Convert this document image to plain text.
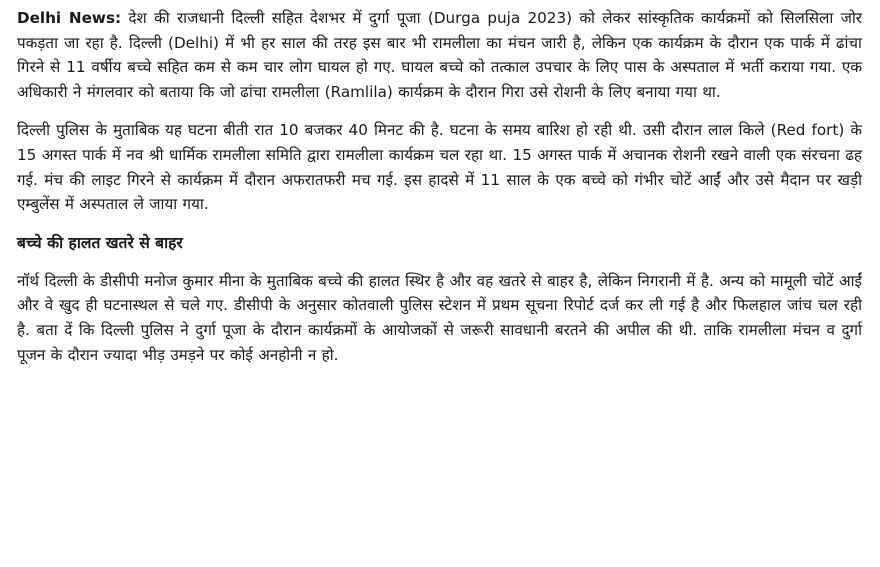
Delhi News: देश की राजधानी दिल्ली सहित देशभर में दुर्गा पूजा (Durga puja 2023) को लेकर सांस्कृतिक कार्यक्रमों को सिलसिला जोर पकड़ता जा रहा है. दिल्ली (Delhi) में भी हर साल की तरह इस बार भी रामलीला का मंचन जारी है, लेकिन एक कार्यक्रम के दौरान एक पार्क में ढांचा गिरने से 11 वर्षीय बच्चे सहित कम से कम चार लोग घायल हो गए. घायल बच्चे को तत्काल उपचार के लिए पास के अस्पताल में भर्ती कराया गया. एक अधिकारी ने मंगलवार को बताया कि जो ढांचा रामलीला (Ramlila) कार्यक्रम के दौरान गिरा उसे रोशनी के लिए बनाया गया था.

दिल्ली पुलिस के मुताबिक यह घटना बीती रात 10 बजकर 40 मिनट की है. घटना के समय बारिश हो रही थी. उसी दौरान लाल किले (Red fort) के 15 अगस्त पार्क में नव श्री धार्मिक रामलीला समिति द्वारा रामलीला कार्यक्रम चल रहा था. 15 अगस्त पार्क में अचानक रोशनी रखने वाली एक संरचना ढह गई. मंच की लाइट गिरने से कार्यक्रम में दौरान अफरातफरी मच गई. इस हादसे में 11 साल के एक बच्चे को गंभीर चोटें आईं और उसे मैदान पर खड़ी एम्बुलेंस में अस्पताल ले जाया गया.

बच्चे की हालत खतरे से बाहर

नॉर्थ दिल्ली के डीसीपी मनोज कुमार मीना के मुताबिक बच्चे की हालत स्थिर है और वह खतरे से बाहर है, लेकिन निगरानी में है. अन्य को मामूली चोटें आईं और वे खुद ही घटनास्थल से चले गए. डीसीपी के अनुसार कोतवाली पुलिस स्टेशन में प्रथम सूचना रिपोर्ट दर्ज कर ली गई है और फिलहाल जांच चल रही है. बता दें कि दिल्ली पुलिस ने दुर्गा पूजा के दौरान कार्यक्रमों के आयोजकों से जरूरी सावधानी बरतने की अपील की थी. ताकि रामलीला मंचन व दुर्गा पूजन के दौरान ज्यादा भीड़ उमड़ने पर कोई अनहोनी न हो.
